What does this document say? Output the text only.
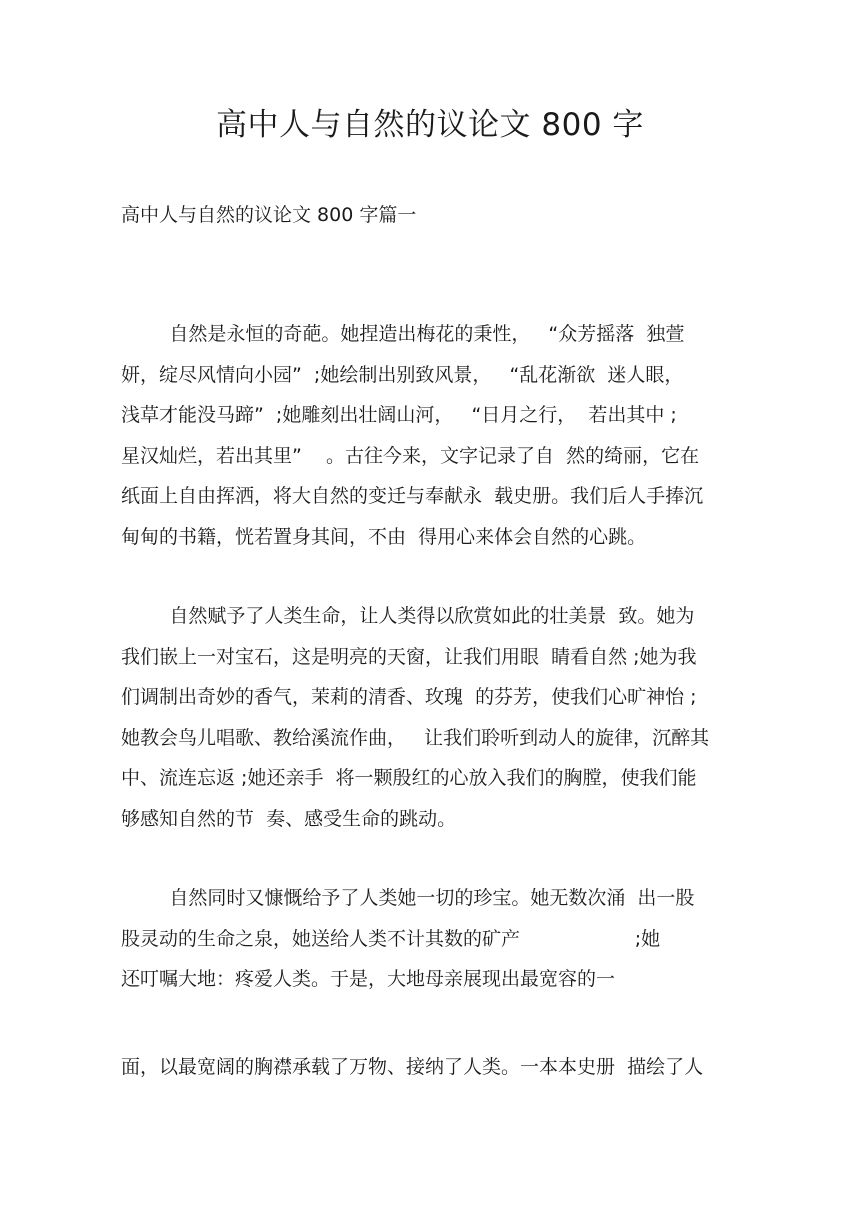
高中人与自然的议论文 800 字

高中人与自然的议论文 800 字篇一

自然是永恒的奇葩。她捏造出梅花的秉性，   “众芳摇落  独萱

妍，绽尽风情向小园”  ;她绘制出别致风景，   “乱花渐欲  迷人眼，

浅草才能没马蹄”  ;她雕刻出壮阔山河，   “日月之行，  若出其中 ;

星汉灿烂，若出其里”    。古往今来，文字记录了自  然的绮丽，它在

纸面上自由挥洒，将大自然的变迁与奉献永  载史册。我们后人手捧沉

甸甸的书籍，恍若置身其间，不由  得用心来体会自然的心跳。

自然赋予了人类生命，让人类得以欣赏如此的壮美景  致。她为

我们嵌上一对宝石，这是明亮的天窗，让我们用眼  睛看自然 ;她为我

们调制出奇妙的香气，茉莉的清香、玫瑰  的芬芳，使我们心旷神怡 ;

她教会鸟儿唱歌、教给溪流作曲，   让我们聆听到动人的旋律，沉醉其

中、流连忘返 ;她还亲手  将一颗殷红的心放入我们的胸膛，使我们能

够感知自然的节  奏、感受生命的跳动。

自然同时又慷慨给予了人类她一切的珍宝。她无数次涌  出一股

股灵动的生命之泉，她送给人类不计其数的矿产                   ;她

还叮嘱大地：疼爱人类。于是，大地母亲展现出最宽容的一

面，以最宽阔的胸襟承载了万物、接纳了人类。一本本史册  描绘了人
